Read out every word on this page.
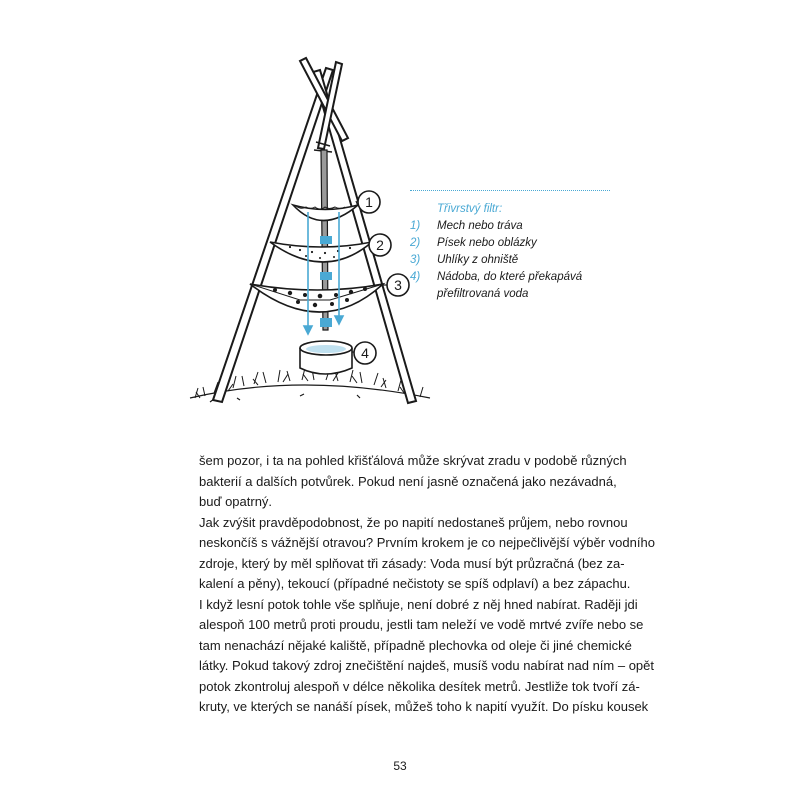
1
2
3
4
Třivrstvý filtr:
1)	Mech nebo tráva
2)	Písek nebo oblázky
3)	Uhlíky z ohniště
4)	Nádoba, do které překapává
přefiltrovaná voda
šem pozor, i ta na pohled křišťálová může skrývat zradu v podobě různých
bakterií a dalších potvůrek. Pokud není jasně označená jako nezávadná,
buď opatrný.
Jak zvýšit pravděpodobnost, že po napití nedostaneš průjem, nebo rovnou
neskončíš s vážnější otravou? Prvním krokem je co nejpečlivější výběr vodního
zdroje, který by měl splňovat tři zásady: Voda musí být průzračná (bez za-
kalení a pěny), tekoucí (případné nečistoty se spíš odplaví) a bez zápachu.
I když lesní potok tohle vše splňuje, není dobré z něj hned nabírat. Raději jdi
alespoň 100 metrů proti proudu, jestli tam neleží ve vodě mrtvé zvíře nebo se
tam nenachází nějaké kaliště, případně plechovka od oleje či jiné chemické
látky. Pokud takový zdroj znečištění najdeš, musíš vodu nabírat nad ním – opět
potok zkontroluj alespoň v délce několika desítek metrů. Jestliže tok tvoří zá-
kruty, ve kterých se nanáší písek, můžeš toho k napití využít. Do písku kousek
53
